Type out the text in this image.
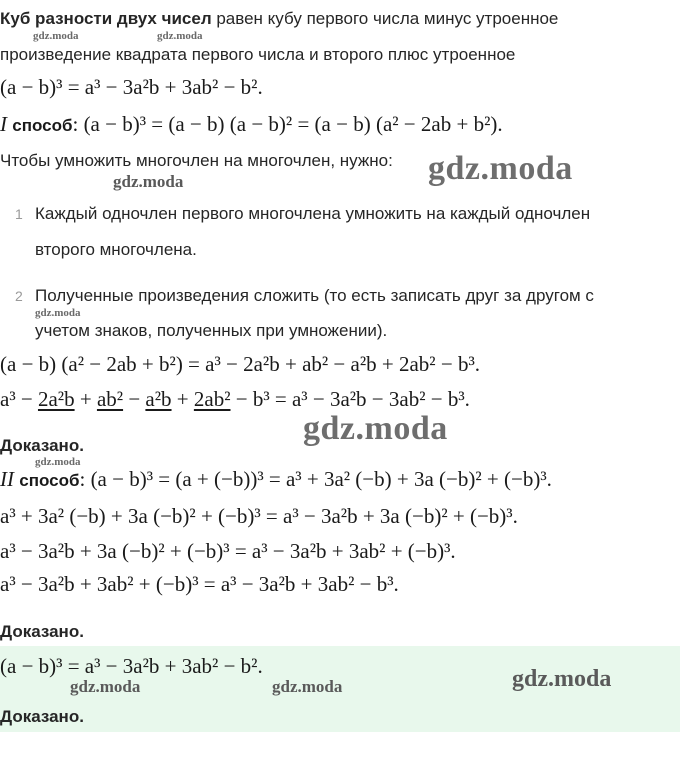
Куб разности двух чисел равен кубу первого числа минус утроенное
произведение квадрата первого числа и второго плюс утроенное
(a − b)³ = a³ − 3a²b + 3ab² − b².
I способ: (a − b)³ = (a − b) (a − b)² = (a − b) (a² − 2ab + b²).
Чтобы умножить многочлен на многочлен, нужно:
1 Каждый одночлен первого многочлена умножить на каждый одночлен
второго многочлена.
2 Полученные произведения сложить (то есть записать друг за другом с
учетом знаков, полученных при умножении).
(a − b) (a² − 2ab + b²) = a³ − 2a²b + ab² − a²b + 2ab² − b³.
a³ − 2a²b + ab² − a²b + 2ab² − b³ = a³ − 3a²b − 3ab² − b³.
Доказано.
II способ: (a − b)³ = (a + (−b))³ = a³ + 3a² (−b) + 3a (−b)² + (−b)³.
a³ + 3a² (−b) + 3a (−b)² + (−b)³ = a³ − 3a²b + 3a (−b)² + (−b)³.
a³ − 3a²b + 3a (−b)² + (−b)³ = a³ − 3a²b + 3ab² + (−b)³.
a³ − 3a²b + 3ab² + (−b)³ = a³ − 3a²b + 3ab² − b³.
Доказано.
(a − b)³ = a³ − 3a²b + 3ab² − b².
Доказано.
gdz.moda	gdz.moda
gdz.moda	gdz.moda
gdz.moda
gdz.moda
gdz.moda
gdz.moda	gdz.moda	gdz.moda
